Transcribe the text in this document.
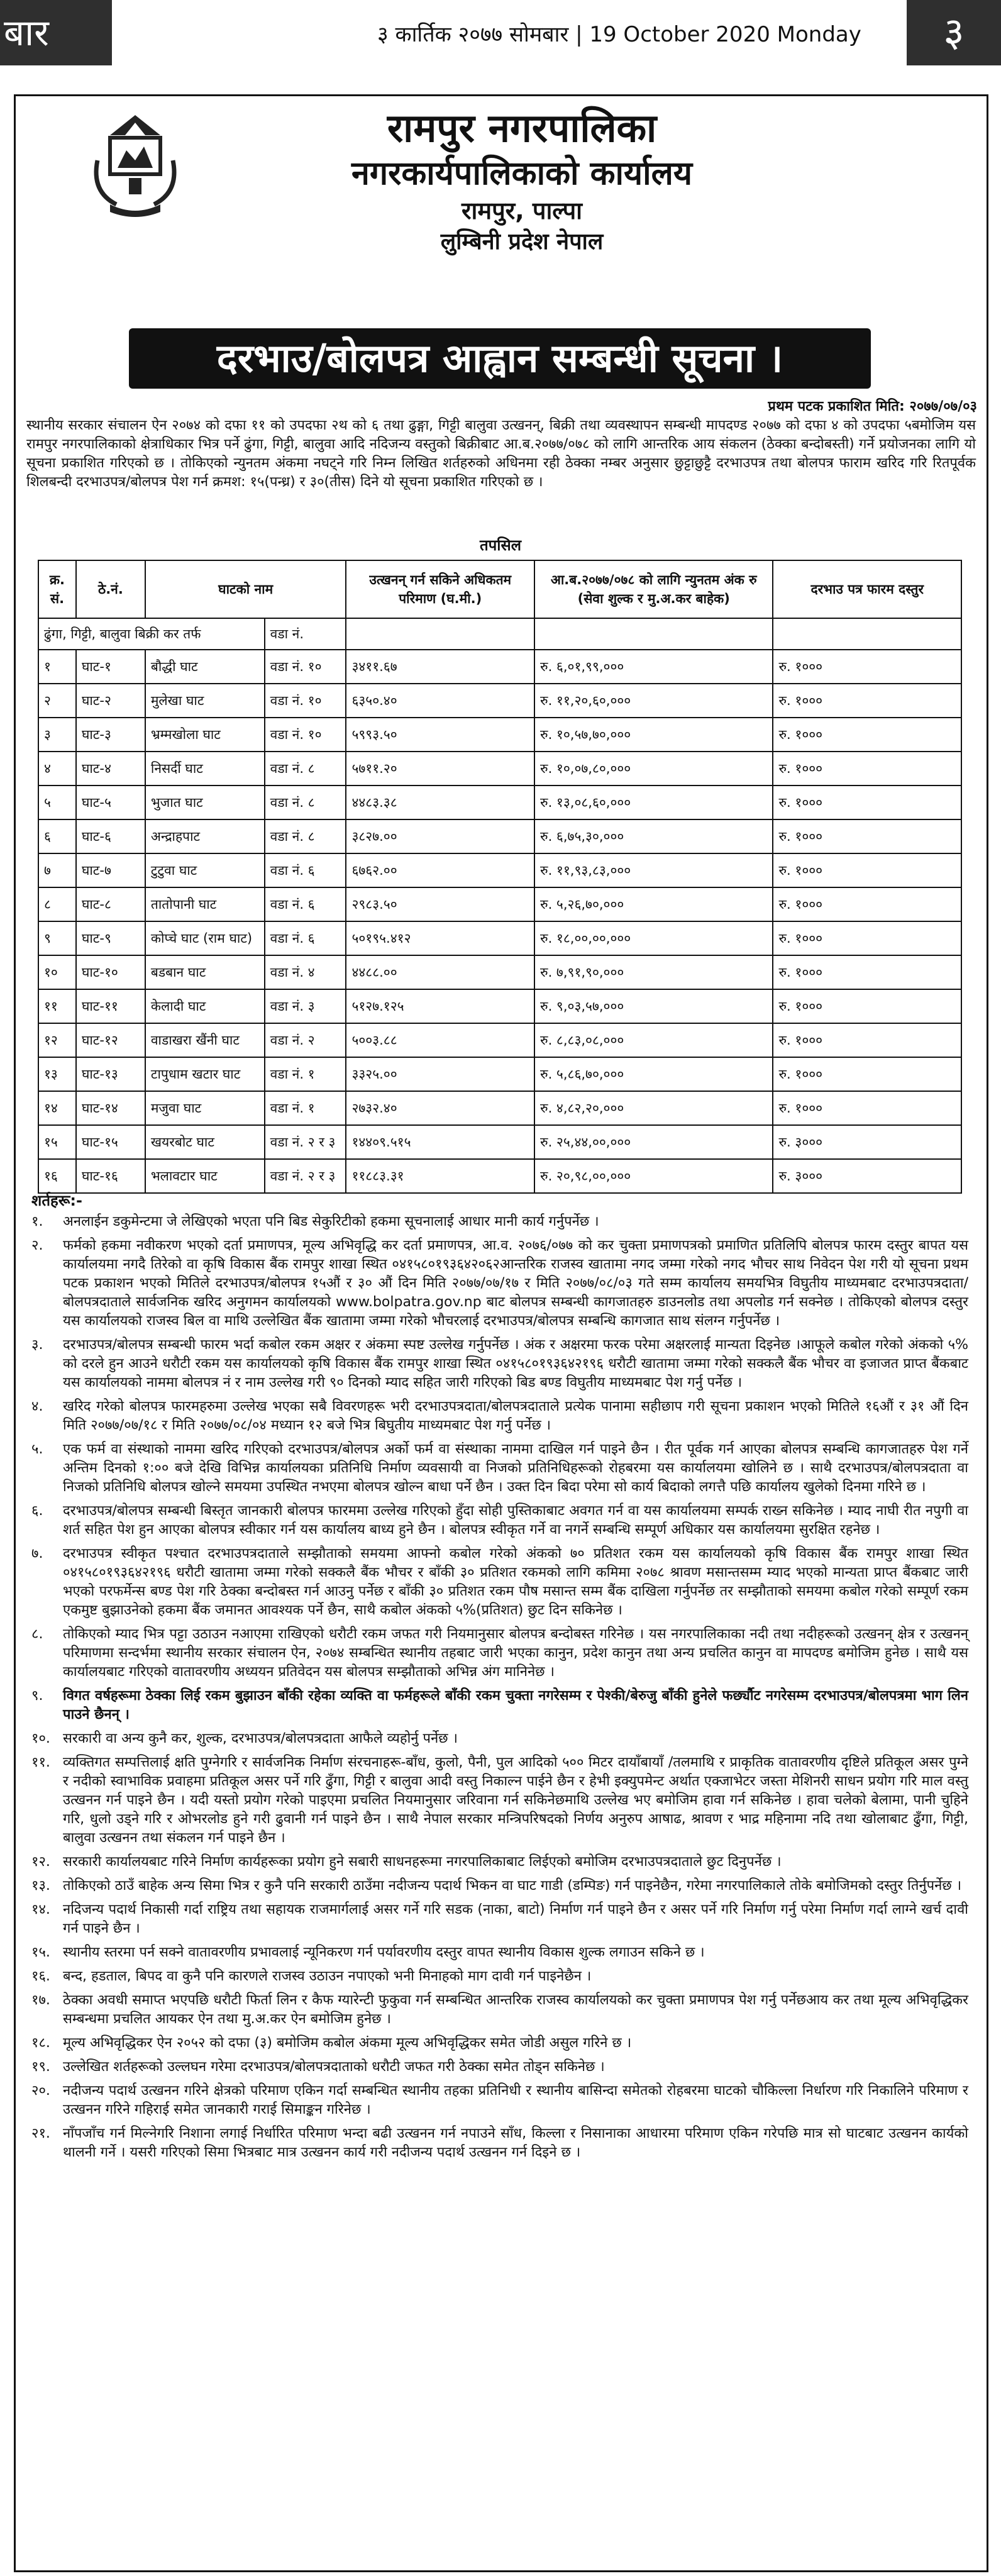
बार	३ कार्तिक २०७७ सोमबार | 19 October 2020 Monday	३
रामपुर नगरपालिका
नगरकार्यपालिकाको कार्यालय
रामपुर, पाल्पा
लुम्बिनी प्रदेश नेपाल
दरभाउ/बोलपत्र आह्वान सम्बन्धी सूचना ।
प्रथम पटक प्रकाशित मिति: २०७७/०७/०३
स्थानीय सरकार संचालन ऐन २०७४ को दफा ११ को उपदफा २थ को ६ तथा ढुङ्गा, गिट्टी बालुवा उत्खनन्, बिक्री तथा व्यवस्थापन सम्बन्धी मापदण्ड २०७७ को दफा ४ को उपदफा ५बमोजिम यस रामपुर नगरपालिकाको क्षेत्राधिकार भित्र पर्ने ढुंगा, गिट्टी, बालुवा आदि नदिजन्य वस्तुको बिक्रीबाट आ.ब.२०७७/०७८ को लागि आन्तरिक आय संकलन (ठेक्का बन्दोबस्ती) गर्ने प्रयोजनका लागि यो सूचना प्रकाशित गरिएको छ । तोकिएको न्युनतम अंकमा नघट्ने गरि निम्न लिखित शर्तहरुको अधिनमा रही ठेक्का नम्बर अनुसार छुट्टाछुट्टै दरभाउपत्र तथा बोलपत्र फाराम खरिद गरि रितपूर्वक शिलबन्दी दरभाउपत्र/बोलपत्र पेश गर्न क्रमश: १५(पन्ध्र) र ३०(तीस) दिने यो सूचना प्रकाशित गरिएको छ ।
तपसिल
क्र. सं.	ठे.नं.	घाटको नाम		उत्खनन् गर्न सकिने अधिकतम परिमाण (घ.मी.)	आ.ब.२०७७/०७८ को लागि न्युनतम अंक रु (सेवा शुल्क र मु.अ.कर बाहेक)	दरभाउ पत्र फारम दस्तुर
ढुंगा, गिट्टी, बालुवा बिक्री कर तर्फ			वडा नं.			
१	घाट-१	बौद्धी घाट	वडा नं. १०	३४११.६७	रु. ६,०१,९९,०००	रु. १०००
२	घाट-२	मुलेखा घाट	वडा नं. १०	६३५०.४०	रु. ११,२०,६०,०००	रु. १०००
३	घाट-३	भ्रम्मखोला घाट	वडा नं. १०	५९९३.५०	रु. १०,५७,७०,०००	रु. १०००
४	घाट-४	निसर्दी घाट	वडा नं. ८	५७११.२०	रु. १०,०७,८०,०००	रु. १०००
५	घाट-५	भुजात घाट	वडा नं. ८	४४८३.३८	रु. १३,०८,६०,०००	रु. १०००
६	घाट-६	अन्द्राहपाट	वडा नं. ८	३८२७.००	रु. ६,७५,३०,०००	रु. १०००
७	घाट-७	टुटुवा घाट	वडा नं. ६	६७६२.००	रु. ११,९३,८३,०००	रु. १०००
८	घाट-८	तातोपानी घाट	वडा नं. ६	२९८३.५०	रु. ५,२६,७०,०००	रु. १०००
९	घाट-९	कोप्चे घाट (राम घाट)	वडा नं. ६	५०१९५.४१२	रु. १८,००,००,०००	रु. १०००
१०	घाट-१०	बडबान घाट	वडा नं. ४	४४८८.००	रु. ७,९१,९०,०००	रु. १०००
११	घाट-११	केलादी घाट	वडा नं. ३	५१२७.१२५	रु. ९,०३,५७,०००	रु. १०००
१२	घाट-१२	वाडाखरा खैंनी घाट	वडा नं. २	५००३.८८	रु. ८,८३,०८,०००	रु. १०००
१३	घाट-१३	टापुधाम खटार घाट	वडा नं. १	३३२५.००	रु. ५,८६,७०,०००	रु. १०००
१४	घाट-१४	मजुवा घाट	वडा नं. १	२७३२.४०	रु. ४,८२,२०,०००	रु. १०००
१५	घाट-१५	खयरबोट घाट	वडा नं. २ र ३	१४४०९.५१५	रु. २५,४४,००,०००	रु. ३०००
१६	घाट-१६	भलावटार घाट	वडा नं. २ र ३	११८८३.३१	रु. २०,९८,००,०००	रु. ३०००
शर्तहरू:-
१.	अनलाईन डकुमेन्टमा जे लेखिएको भएता पनि बिड सेकुरिटीको हकमा सूचनालाई आधार मानी कार्य गर्नुपर्नेछ ।
२.	फर्मको हकमा नवीकरण भएको दर्ता प्रमाणपत्र, मूल्य अभिवृद्धि कर दर्ता प्रमाणपत्र, आ.व. २०७६/०७७ को कर चुक्ता प्रमाणपत्रको प्रमाणित प्रतिलिपि बोलपत्र फारम दस्तुर बापत यस कार्यालयमा नगदै तिरेको वा कृषि विकास बैंक रामपुर शाखा स्थित ०४१५८०१९३६४२०६२आन्तरिक राजस्व खातामा नगद जम्मा गरेको नगद भौचर साथ निवेदन पेश गरी यो सूचना प्रथम पटक प्रकाशन भएको मितिले दरभाउपत्र/बोलपत्र १५औं र ३० औं दिन मिति २०७७/०७/१७ र मिति २०७७/०८/०३ गते सम्म कार्यालय समयभित्र विघुतीय माध्यमबाट दरभाउपत्रदाता/बोलपत्रदाताले सार्वजनिक खरिद अनुगमन कार्यालयको www.bolpatra.gov.np बाट बोलपत्र सम्बन्धी कागजातहरु डाउनलोड तथा अपलोड गर्न सक्नेछ । तोकिएको बोलपत्र दस्तुर यस कार्यालयको राजस्व बिल वा माथि उल्लेखित बैंक खातामा जम्मा गरेको भौचरलाई दरभाउपत्र/बोलपत्र सम्बन्धि कागजात साथ संलग्न गर्नुपर्नेछ ।
३.	दरभाउपत्र/बोलपत्र सम्बन्धी फारम भर्दा कबोल रकम अक्षर र अंकमा स्पष्ट उल्लेख गर्नुपर्नेछ । अंक र अक्षरमा फरक परेमा अक्षरलाई मान्यता दिइनेछ ।आफूले कबोल गरेको अंकको ५% को दरले हुन आउने धरौटी रकम यस कार्यालयको कृषि विकास बैंक रामपुर शाखा स्थित ०४१५८०१९३६४२१९६ धरौटी खातामा जम्मा गरेको सक्कलै बैंक भौचर वा इजाजत प्राप्त बैंकबाट यस कार्यालयको नाममा बोलपत्र नं र नाम उल्लेख गरी ९० दिनको म्याद सहित जारी गरिएको बिड बण्ड विघुतीय माध्यमबाट पेश गर्नु पर्नेछ ।
४.	खरिद गरेको बोलपत्र फारमहरुमा उल्लेख भएका सबै विवरणहरू भरी दरभाउपत्रदाता/बोलपत्रदाताले प्रत्येक पानामा सहीछाप गरी सूचना प्रकाशन भएको मितिले १६औं र ३१ औं दिन मिति २०७७/०७/१८ र मिति २०७७/०८/०४ मध्यान १२ बजे भित्र बिघुतीय माध्यमबाट पेश गर्नु पर्नेछ ।
५.	एक फर्म वा संस्थाको नाममा खरिद गरिएको दरभाउपत्र/बोलपत्र अर्को फर्म वा संस्थाका नाममा दाखिल गर्न पाइने छैन । रीत पूर्वक गर्न आएका बोलपत्र सम्बन्धि कागजातहरु पेश गर्ने अन्तिम दिनको १:०० बजे देखि विभिन्न कार्यालयका प्रतिनिधि निर्माण व्यवसायी वा निजको प्रतिनिधिहरूको रोहबरमा यस कार्यालयमा खोलिने छ । साथै दरभाउपत्र/बोलपत्रदाता वा निजको प्रतिनिधि बोलपत्र खोल्ने समयमा उपस्थित नभएमा बोलपत्र खोल्न बाधा पर्ने छैन । उक्त दिन बिदा परेमा सो कार्य बिदाको लगत्तै पछि कार्यालय खुलेको दिनमा गरिने छ ।
६.	दरभाउपत्र/बोलपत्र सम्बन्धी बिस्तृत जानकारी बोलपत्र फारममा उल्लेख गरिएको हुँदा सोही पुस्तिकाबाट अवगत गर्न वा यस कार्यालयमा सम्पर्क राख्न सकिनेछ । म्याद नाघी रीत नपुगी वा शर्त सहित पेश हुन आएका बोलपत्र स्वीकार गर्न यस कार्यालय बाध्य हुने छैन । बोलपत्र स्वीकृत गर्ने वा नगर्ने सम्बन्धि सम्पूर्ण अधिकार यस कार्यालयमा सुरक्षित रहनेछ ।
७.	दरभाउपत्र स्वीकृत पश्चात दरभाउपत्रदाताले सम्झौताको समयमा आफ्नो कबोल गरेको अंकको ७० प्रतिशत रकम यस कार्यालयको कृषि विकास बैंक रामपुर शाखा स्थित ०४१५८०१९३६४२१९६ धरौटी खातामा जम्मा गरेको सक्कलै बैंक भौचर र बाँकी ३० प्रतिशत रकमको लागि कमिमा २०७८ श्रावण मसान्तसम्म म्याद भएको मान्यता प्राप्त बैंकबाट जारी भएको परफर्मेन्स बण्ड पेश गरि ठेक्का बन्दोबस्त गर्न आउनु पर्नेछ र बाँकी ३० प्रतिशत रकम पौष मसान्त सम्म बैंक दाखिला गर्नुपर्नेछ तर सम्झौताको समयमा कबोल गरेको सम्पूर्ण रकम एकमुष्ट बुझाउनेको हकमा बैंक जमानत आवश्यक पर्ने छैन, साथै कबोल अंकको ५%(प्रतिशत) छुट दिन सकिनेछ ।
८.	तोकिएको म्याद भित्र पट्टा उठाउन नआएमा राखिएको धरौटी रकम जफत गरी नियमानुसार बोलपत्र बन्दोबस्त गरिनेछ । यस नगरपालिकाका नदी तथा नदीहरूको उत्खनन् क्षेत्र र उत्खनन् परिमाणमा सन्दर्भमा स्थानीय सरकार संचालन ऐन, २०७४ सम्बन्धित स्थानीय तहबाट जारी भएका कानुन, प्रदेश कानुन तथा अन्य प्रचलित कानुन वा मापदण्ड बमोजिम हुनेछ । साथै यस कार्यालयबाट गरिएको वातावरणीय अध्ययन प्रतिवेदन यस बोलपत्र सम्झौताको अभिन्न अंग मानिनेछ ।
९.	विगत वर्षहरूमा ठेक्का लिई रकम बुझाउन बाँकी रहेका व्यक्ति वा फर्महरूले बाँकी रकम चुक्ता नगरेसम्म र पेश्की/बेरुजु बाँकी हुनेले फर्छ्यौट नगरेसम्म दरभाउपत्र/बोलपत्रमा भाग लिन पाउने छैनन् ।
१०. सरकारी वा अन्य कुनै कर, शुल्क, दरभाउपत्र/बोलपत्रदाता आफैले व्यहोर्नु पर्नेछ ।
११. व्यक्तिगत सम्पत्तिलाई क्षति पुग्नेगरि र सार्वजनिक निर्माण संरचनाहरू-बाँध, कुलो, पैनी, पुल आदिको ५०० मिटर दायाँबायाँ /तलमाथि र प्राकृतिक वातावरणीय दृष्टिले प्रतिकूल असर पुग्ने र नदीको स्वाभाविक प्रवाहमा प्रतिकूल असर पर्ने गरि ढुँगा, गिट्टी र बालुवा आदी वस्तु निकाल्न पाईने छैन र हेभी इक्युपमेन्ट अर्थात एक्जाभेटर जस्ता मेशिनरी साधन प्रयोग गरि माल वस्तु उत्खनन गर्न पाइने छैन । यदी यस्तो प्रयोग गरेको पाइएमा प्रचलित नियमानुसार जरिवाना गर्न सकिनेछमाथि उल्लेख भए बमोजिम हावा गर्न सकिनेछ । हावा चलेको बेलामा, पानी चुहिने गरि, धुलो उड्ने गरि र ओभरलोड हुने गरी ढुवानी गर्न पाइने छैन । साथै नेपाल सरकार मन्त्रिपरिषदको निर्णय अनुरुप आषाढ, श्रावण र भाद्र महिनामा नदि तथा खोलाबाट ढुँगा, गिट्टी, बालुवा उत्खनन तथा संकलन गर्न पाइने छैन ।
१२. सरकारी कार्यालयबाट गरिने निर्माण कार्यहरूका प्रयोग हुने सबारी साधनहरूमा नगरपालिकाबाट लिईएको बमोजिम दरभाउपत्रदाताले छुट दिनुपर्नेछ ।
१३. तोकिएको ठाउँ बाहेक अन्य सिमा भित्र र कुनै पनि सरकारी ठाउँमा नदीजन्य पदार्थ भिकन वा घाट गाडी (डम्पिङ) गर्न पाइनेछैन, गरेमा नगरपालिकाले तोके बमोजिमको दस्तुर तिर्नुपर्नेछ ।
१४. नदिजन्य पदार्थ निकासी गर्दा राष्ट्रिय तथा सहायक राजमार्गलाई असर गर्ने गरि सडक (नाका, बाटो) निर्माण गर्न पाइने छैन र असर पर्ने गरि निर्माण गर्नु परेमा निर्माण गर्दा लाग्ने खर्च दावी गर्न पाइने छैन ।
१५. स्थानीय स्तरमा पर्न सक्ने वातावरणीय प्रभावलाई न्यूनिकरण गर्न पर्यावरणीय दस्तुर वापत स्थानीय विकास शुल्क लगाउन सकिने छ ।
१६. बन्द, हडताल, बिपद वा कुनै पनि कारणले राजस्व उठाउन नपाएको भनी मिनाहको माग दावी गर्न पाइनेछैन ।
१७. ठेक्का अवधी समाप्त भएपछि धरौटी फिर्ता लिन र कैफ ग्यारेन्टी फुकुवा गर्न सम्बन्धित आन्तरिक राजस्व कार्यालयको कर चुक्ता प्रमाणपत्र पेश गर्नु पर्नेछआय कर तथा मूल्य अभिवृद्धिकर सम्बन्धमा प्रचलित आयकर ऐन तथा मु.अ.कर ऐन बमोजिम हुनेछ ।
१८. मूल्य अभिवृद्धिकर ऐन २०५२ को दफा (३) बमोजिम कबोल अंकमा मूल्य अभिवृद्धिकर समेत जोडी असुल गरिने छ ।
१९. उल्लेखित शर्तहरूको उल्लघन गरेमा दरभाउपत्र/बोलपत्रदाताको धरौटी जफत गरी ठेक्का समेत तोड्न सकिनेछ ।
२०. नदीजन्य पदार्थ उत्खनन गरिने क्षेत्रको परिमाण एकिन गर्दा सम्बन्धित स्थानीय तहका प्रतिनिधी र स्थानीय बासिन्दा समेतको रोहबरमा घाटको चौकिल्ला निर्धारण गरि निकालिने परिमाण र उत्खनन गरिने गहिराई समेत जानकारी गराई सिमाङ्कन गरिनेछ ।
२१. नाँपजाँच गर्न मिल्नेगरि निशाना लगाई निर्धारित परिमाण भन्दा बढी उत्खनन गर्न नपाउने साँध, किल्ला र निसानाका आधारमा परिमाण एकिन गरेपछि मात्र सो घाटबाट उत्खनन कार्यको थालनी गर्ने । यसरी गरिएको सिमा भित्रबाट मात्र उत्खनन कार्य गरी नदीजन्य पदार्थ उत्खनन गर्न दिइने छ ।
